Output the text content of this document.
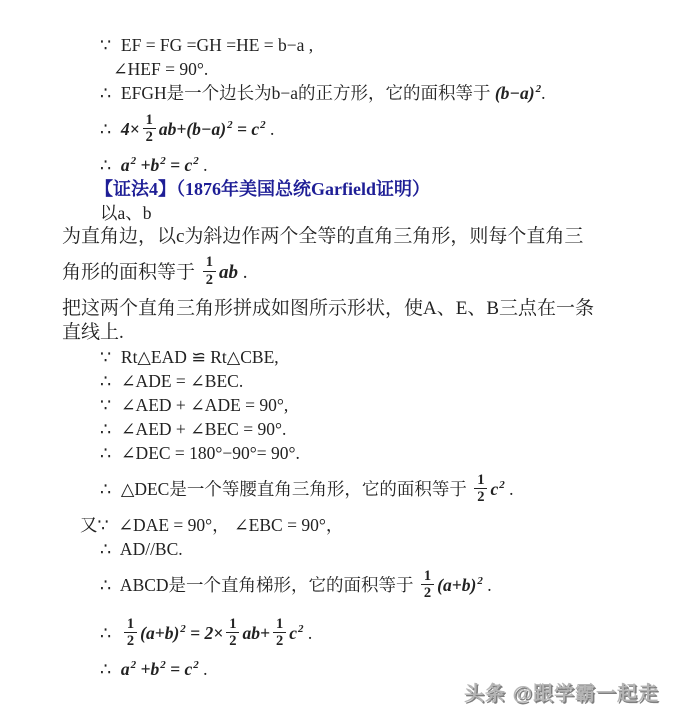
∵  EF = FG =GH =HE = b−a ,
∠HEF = 90°.
∴  EFGH是一个边长为b−a的正方形，它的面积等于 $(b-a)^2$.
∴ $4\times \frac{1}{2} ab+(b-a)^2 = c^2$ .
∴ $a^2 +b^2 = c^2$ .
【证法4】（1876年美国总统Garfield证明）
以a、b
为直角边，以c为斜边作两个全等的直角三角形，则每个直角三
角形的面积等于 $\frac{1}{2}$ ab .
把这两个直角三角形拼成如图所示形状，使A、E、B三点在一条
直线上.
∵  Rt△EAD ≌ Rt△CBE,
∴  ∠ADE = ∠BEC.
∵  ∠AED + ∠ADE = 90°,
∴  ∠AED + ∠BEC = 90°.
∴  ∠DEC = 180°−90°= 90°.
∴  △DEC是一个等腰直角三角形，它的面积等于 $\frac{1}{2} c^2$ .
又∵  ∠DAE = 90°， ∠EBC = 90°，
∴  AD//BC.
∴  ABCD是一个直角梯形，它的面积等于 $\frac{1}{2} (a+b)^2$ .
∴ $\frac{1}{2} (a+b)^2 = 2\times \frac{1}{2} ab+ \frac{1}{2} c^2$ .
∴ $a^2 +b^2 = c^2$ .
头条 @跟学霸一起走
